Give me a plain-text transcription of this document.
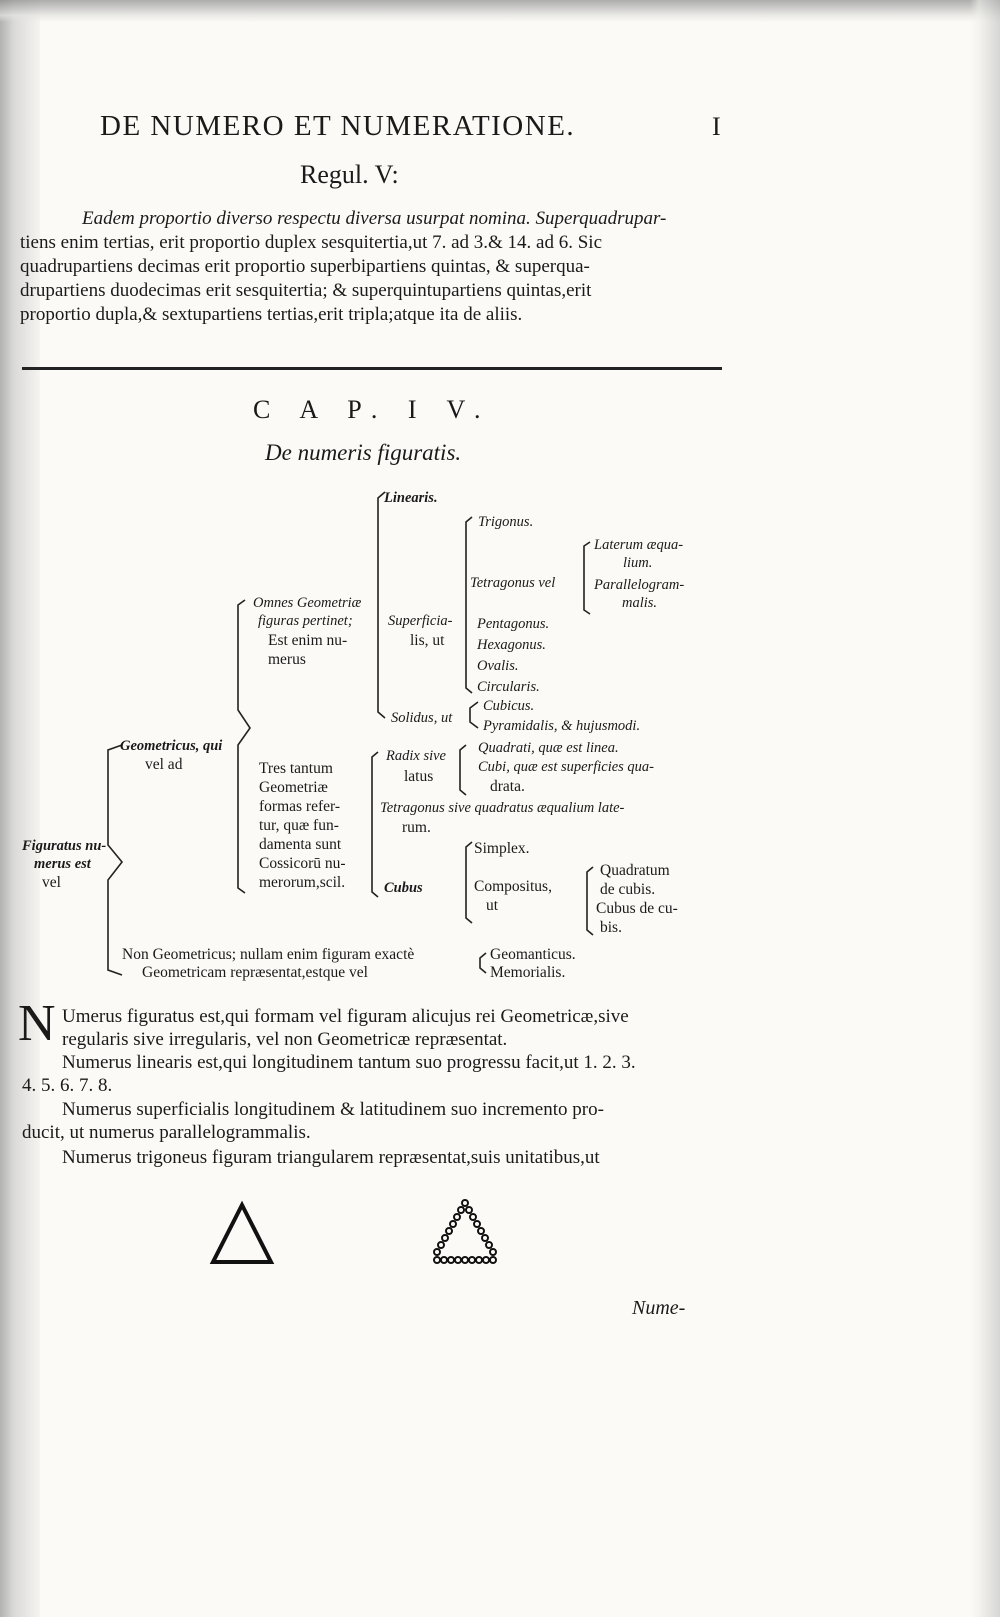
DE NUMERO ET NUMERATIONE.	I
Regul. V:
Eadem proportio diverso respectu diversa usurpat nomina. Superquadrupar-
tiens enim tertias, erit proportio duplex sesquitertia,ut 7. ad 3.& 14. ad 6. Sic
quadrupartiens decimas erit proportio superbipartiens quintas, & superqua-
drupartiens duodecimas erit sesquitertia; & superquintupartiens quintas,erit
proportio dupla,& sextupartiens tertias,erit tripla;atque ita de aliis.
C A P. I V.
De numeris figuratis.
Figuratus nu-
merus est
vel
Geometricus, qui
vel ad
Omnes Geometriæ
figuras pertinet;
Est enim nu-
merus
Tres tantum
Geometriæ
formas refer-
tur, quæ fun-
damenta sunt
Cossicorū nu-
merorum,scil.
Linearis.
Superficia-
lis, ut
Trigonus.
Tetragonus vel
Laterum æqua-
lium.
Parallelogram-
malis.
Pentagonus.
Hexagonus.
Ovalis.
Circularis.
Solidus, ut
Cubicus.
Pyramidalis, & hujusmodi.
Radix sive
latus
Quadrati, quæ est linea.
Cubi, quæ est superficies qua-
drata.
Tetragonus sive quadratus æqualium late-
rum.
Cubus
Simplex.
Compositus,
ut
Quadratum
de cubis.
Cubus de cu-
bis.
Non Geometricus; nullam enim figuram exactè
Geometricam repræsentat,estque vel
Geomanticus.
Memorialis.
N Umerus figuratus est,qui formam vel figuram alicujus rei Geometricæ,sive
regularis sive irregularis, vel non Geometricæ repræsentat.
Numerus linearis est,qui longitudinem tantum suo progressu facit,ut 1. 2. 3.
4. 5. 6. 7. 8.
Numerus superficialis longitudinem & latitudinem suo incremento pro-
ducit, ut numerus parallelogrammalis.
Numerus trigoneus figuram triangularem repræsentat,suis unitatibus,ut
Nume-
